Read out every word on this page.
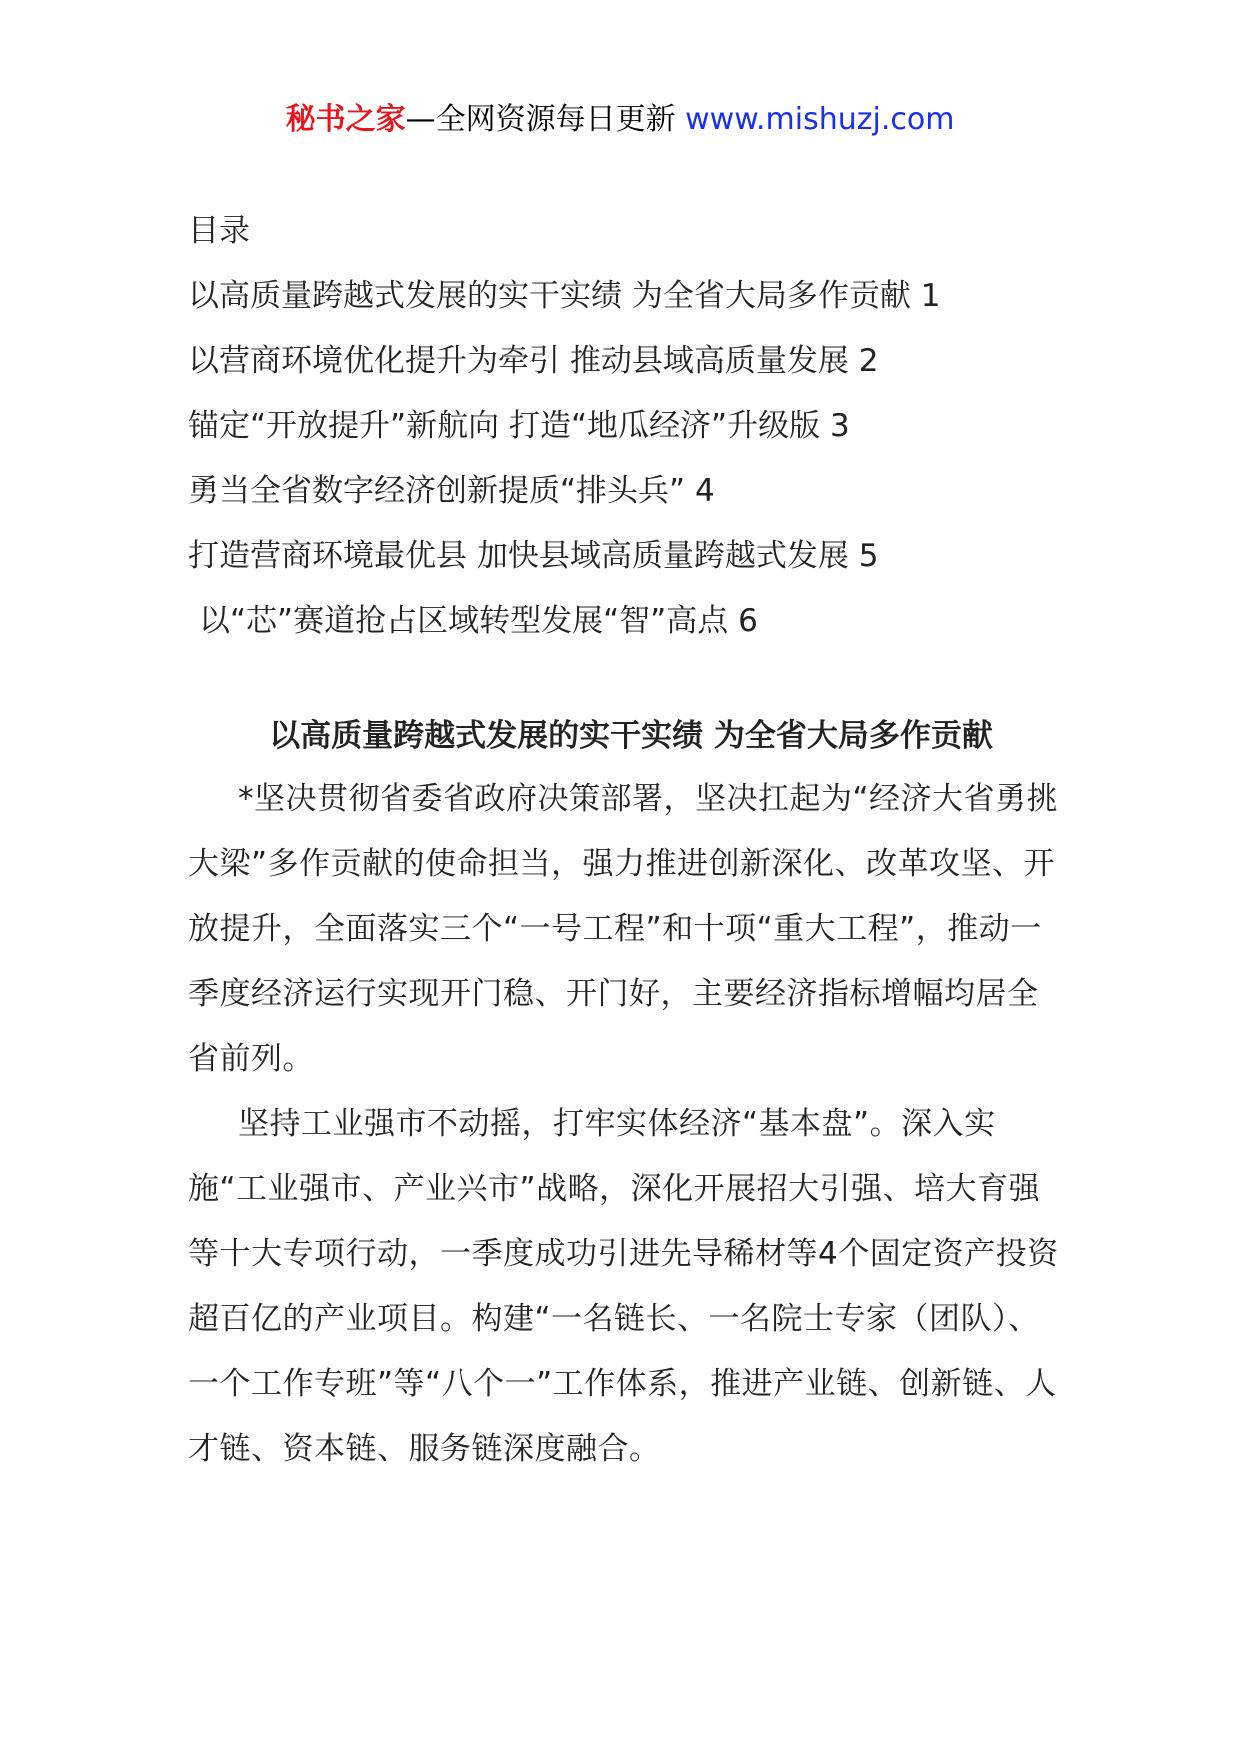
秘书之家—全网资源每日更新 www.mishuzj.com
目录
以高质量跨越式发展的实干实绩 为全省大局多作贡献 1
以营商环境优化提升为牵引 推动县域高质量发展 2
锚定“开放提升”新航向 打造“地瓜经济”升级版 3
勇当全省数字经济创新提质“排头兵” 4
打造营商环境最优县 加快县域高质量跨越式发展 5
以“芯”赛道抢占区域转型发展“智”高点 6
以高质量跨越式发展的实干实绩 为全省大局多作贡献

*坚决贯彻省委省政府决策部署，坚决扛起为“经济大省勇挑大梁”多作贡献的使命担当，强力推进创新深化、改革攻坚、开放提升，全面落实三个“一号工程”和十项“重大工程”，推动一季度经济运行实现开门稳、开门好，主要经济指标增幅均居全省前列。

坚持工业强市不动摇，打牢实体经济“基本盘”。深入实施“工业强市、产业兴市”战略，深化开展招大引强、培大育强等十大专项行动，一季度成功引进先导稀材等4个固定资产投资超百亿的产业项目。构建“一名链长、一名院士专家（团队）、一个工作专班”等“八个一”工作体系，推进产业链、创新链、人才链、资本链、服务链深度融合。
